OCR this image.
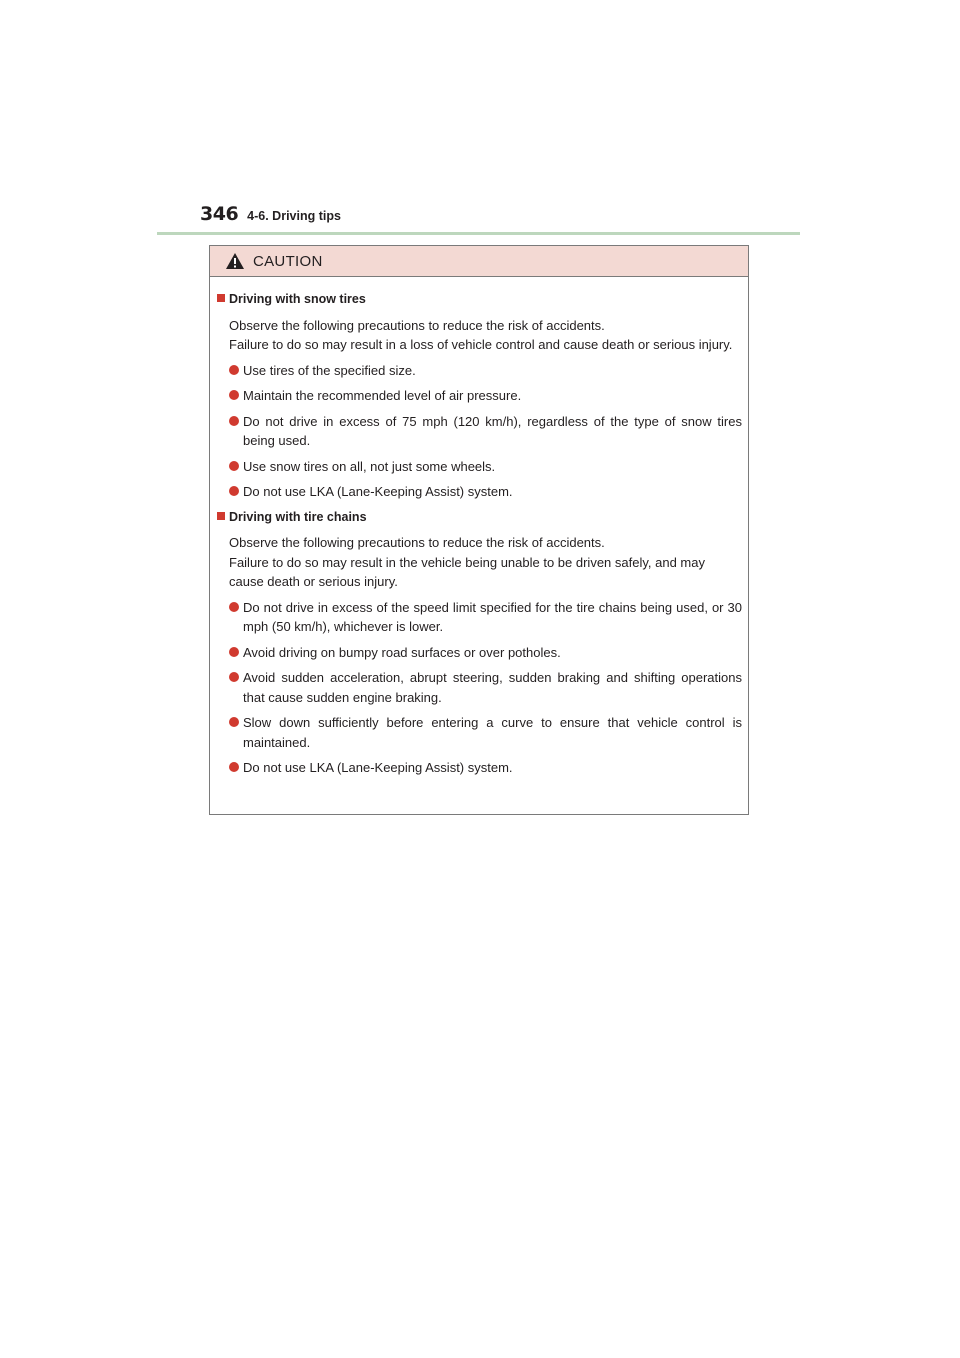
346 4-6. Driving tips
CAUTION
Driving with snow tires

Observe the following precautions to reduce the risk of accidents.

Failure to do so may result in a loss of vehicle control and cause death or serious injury.

Use tires of the specified size.
Maintain the recommended level of air pressure.
Do not drive in excess of 75 mph (120 km/h), regardless of the type of snow tires being used.
Use snow tires on all, not just some wheels.
Do not use LKA (Lane-Keeping Assist) system.
Driving with tire chains

Observe the following precautions to reduce the risk of accidents.

Failure to do so may result in the vehicle being unable to be driven safely, and may cause death or serious injury.

Do not drive in excess of the speed limit specified for the tire chains being used, or 30 mph (50 km/h), whichever is lower.
Avoid driving on bumpy road surfaces or over potholes.
Avoid sudden acceleration, abrupt steering, sudden braking and shifting operations that cause sudden engine braking.
Slow down sufficiently before entering a curve to ensure that vehicle control is maintained.
Do not use LKA (Lane-Keeping Assist) system.
